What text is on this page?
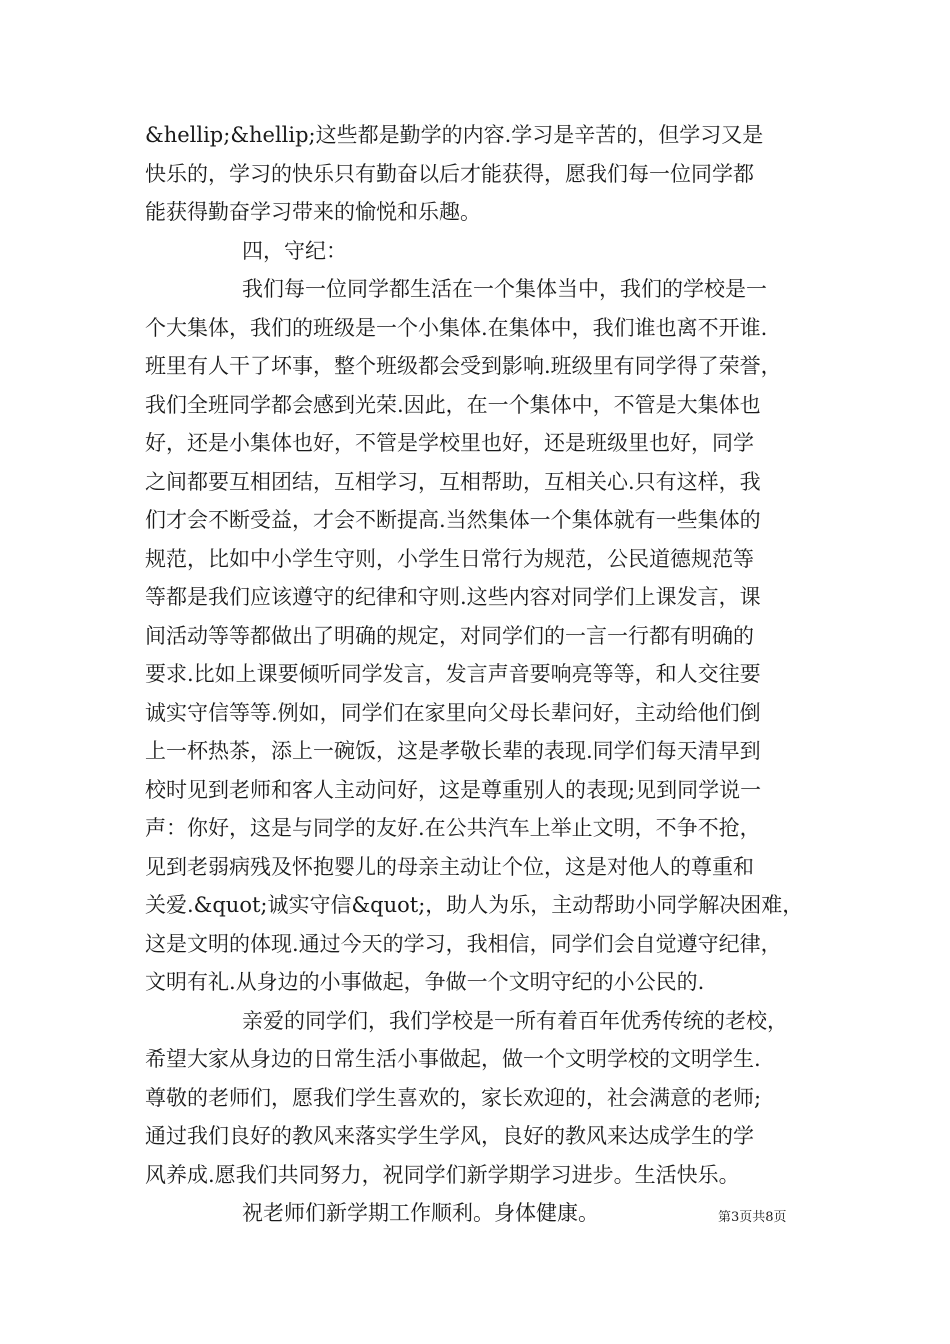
&hellip;&hellip;这些都是勤学的内容.学习是辛苦的，但学习又是
快乐的，学习的快乐只有勤奋以后才能获得，愿我们每一位同学都
能获得勤奋学习带来的愉悦和乐趣。
四，守纪：
我们每一位同学都生活在一个集体当中，我们的学校是一
个大集体，我们的班级是一个小集体.在集体中，我们谁也离不开谁.
班里有人干了坏事，整个班级都会受到影响.班级里有同学得了荣誉，
我们全班同学都会感到光荣.因此，在一个集体中，不管是大集体也
好，还是小集体也好，不管是学校里也好，还是班级里也好，同学
之间都要互相团结，互相学习，互相帮助，互相关心.只有这样，我
们才会不断受益，才会不断提高.当然集体一个集体就有一些集体的
规范，比如中小学生守则，小学生日常行为规范，公民道德规范等
等都是我们应该遵守的纪律和守则.这些内容对同学们上课发言，课
间活动等等都做出了明确的规定，对同学们的一言一行都有明确的
要求.比如上课要倾听同学发言，发言声音要响亮等等，和人交往要
诚实守信等等.例如，同学们在家里向父母长辈问好，主动给他们倒
上一杯热茶，添上一碗饭，这是孝敬长辈的表现.同学们每天清早到
校时见到老师和客人主动问好，这是尊重别人的表现;见到同学说一
声：你好，这是与同学的友好.在公共汽车上举止文明，不争不抢，
见到老弱病残及怀抱婴儿的母亲主动让个位，这是对他人的尊重和
关爱.&quot;诚实守信&quot;，助人为乐，主动帮助小同学解决困难，
这是文明的体现.通过今天的学习，我相信，同学们会自觉遵守纪律，
文明有礼.从身边的小事做起，争做一个文明守纪的小公民的.
亲爱的同学们，我们学校是一所有着百年优秀传统的老校，
希望大家从身边的日常生活小事做起，做一个文明学校的文明学生.
尊敬的老师们，愿我们学生喜欢的，家长欢迎的，社会满意的老师;
通过我们良好的教风来落实学生学风，良好的教风来达成学生的学
风养成.愿我们共同努力，祝同学们新学期学习进步。生活快乐。
祝老师们新学期工作顺利。身体健康。	第3页共8页
